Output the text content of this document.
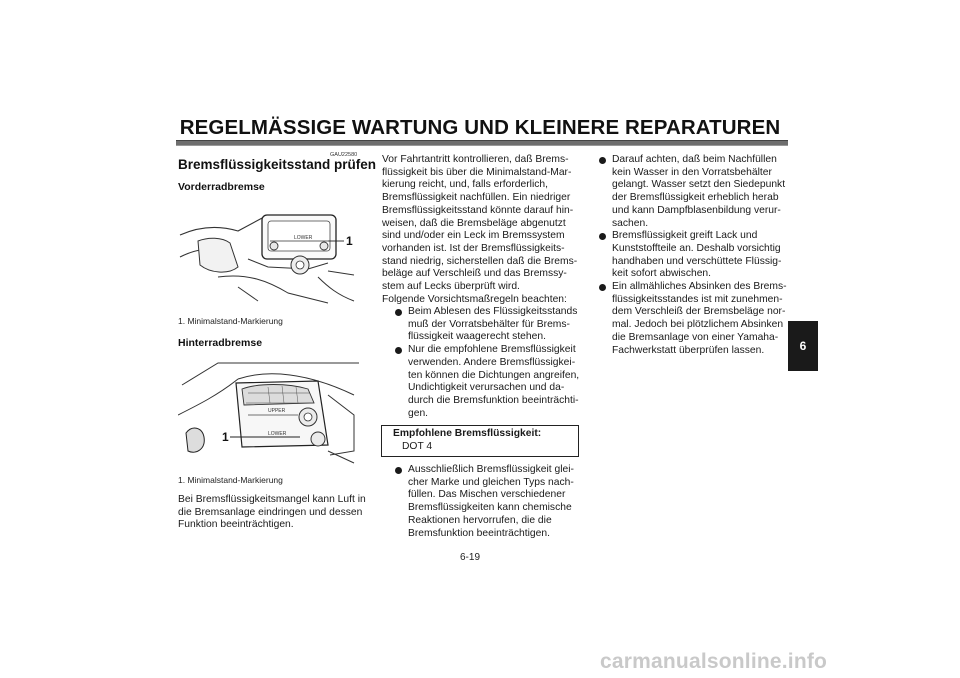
REGELMÄSSIGE WARTUNG UND KLEINERE REPARATUREN
GAU22580
Bremsflüssigkeitsstand prüfen
Vorderradbremse
LOWER	1
1. Minimalstand-Markierung
Hinterradbremse
UPPER
LOWER
1
1. Minimalstand-Markierung
Bei Bremsflüssigkeitsmangel kann Luft in
die Bremsanlage eindringen und dessen
Funktion beeinträchtigen.
Vor Fahrtantritt kontrollieren, daß Brems-
flüssigkeit bis über die Minimalstand-Mar-
kierung reicht, und, falls erforderlich,
Bremsflüssigkeit nachfüllen. Ein niedriger
Bremsflüssigkeitsstand könnte darauf hin-
weisen, daß die Bremsbeläge abgenutzt
sind und/oder ein Leck im Bremssystem
vorhanden ist. Ist der Bremsflüssigkeits-
stand niedrig, sicherstellen daß die Brems-
beläge auf Verschleiß und das Bremssy-
stem auf Lecks überprüft wird.
Folgende Vorsichtsmaßregeln beachten:
Beim Ablesen des Flüssigkeitsstands
muß der Vorratsbehälter für Brems-
flüssigkeit waagerecht stehen.
Nur die empfohlene Bremsflüssigkeit
verwenden. Andere Bremsflüssigkei-
ten können die Dichtungen angreifen,
Undichtigkeit verursachen und da-
durch die Bremsfunktion beeinträchti-
gen.
Empfohlene Bremsflüssigkeit:
DOT 4
Ausschließlich Bremsflüssigkeit glei-
cher Marke und gleichen Typs nach-
füllen. Das Mischen verschiedener
Bremsflüssigkeiten kann chemische
Reaktionen hervorrufen, die die
Bremsfunktion beeinträchtigen.
Darauf achten, daß beim Nachfüllen
kein Wasser in den Vorratsbehälter
gelangt. Wasser setzt den Siedepunkt
der Bremsflüssigkeit erheblich herab
und kann Dampfblasenbildung verur-
sachen.
Bremsflüssigkeit greift Lack und
Kunststoffteile an. Deshalb vorsichtig
handhaben und verschüttete Flüssig-
keit sofort abwischen.
Ein allmähliches Absinken des Brems-
flüssigkeitsstandes ist mit zunehmen-
dem Verschleiß der Bremsbeläge nor-
mal. Jedoch bei plötzlichem Absinken
die Bremsanlage von einer Yamaha-
Fachwerkstatt überprüfen lassen.
6-19
6
carmanualsonline.info
